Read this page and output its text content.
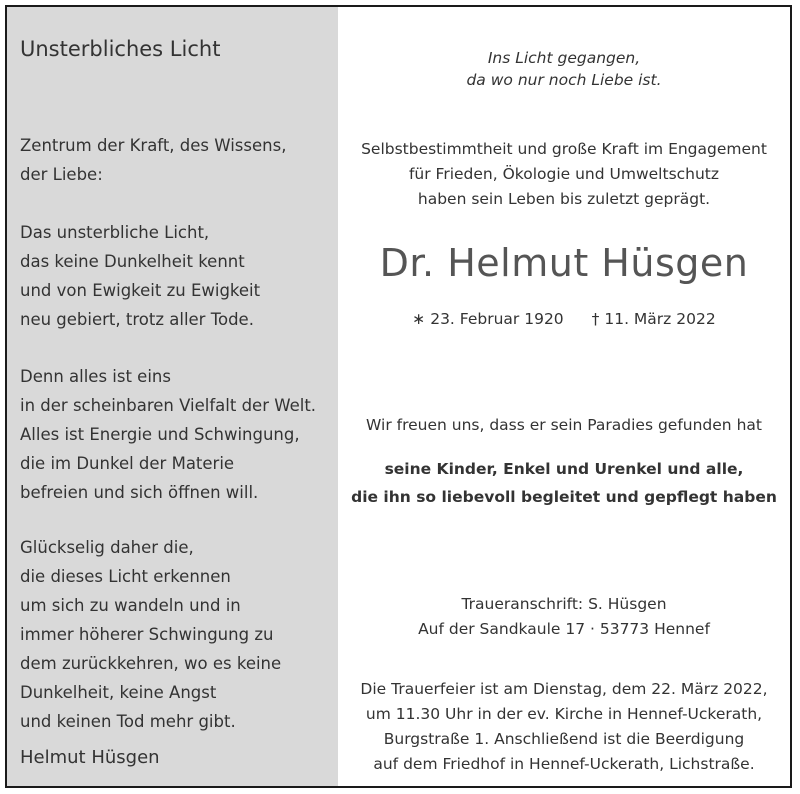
Unsterbliches Licht
Zentrum der Kraft, des Wissens,
der Liebe:
Das unsterbliche Licht,
das keine Dunkelheit kennt
und von Ewigkeit zu Ewigkeit
neu gebiert, trotz aller Tode.
Denn alles ist eins
in der scheinbaren Vielfalt der Welt.
Alles ist Energie und Schwingung,
die im Dunkel der Materie
befreien und sich öffnen will.
Glückselig daher die,
die dieses Licht erkennen
um sich zu wandeln und in
immer höherer Schwingung zu
dem zurückkehren, wo es keine
Dunkelheit, keine Angst
und keinen Tod mehr gibt.
Helmut Hüsgen
Ins Licht gegangen,
da wo nur noch Liebe ist.
Selbstbestimmtheit und große Kraft im Engagement
für Frieden, Ökologie und Umweltschutz
haben sein Leben bis zuletzt geprägt.
Dr. Helmut Hüsgen
∗ 23. Februar 1920 † 11. März 2022
Wir freuen uns, dass er sein Paradies gefunden hat
seine Kinder, Enkel und Urenkel und alle,
die ihn so liebevoll begleitet und gepflegt haben
Traueranschrift: S. Hüsgen
Auf der Sandkaule 17 · 53773 Hennef
Die Trauerfeier ist am Dienstag, dem 22. März 2022,
um 11.30 Uhr in der ev. Kirche in Hennef-Uckerath,
Burgstraße 1. Anschließend ist die Beerdigung
auf dem Friedhof in Hennef-Uckerath, Lichstraße.
